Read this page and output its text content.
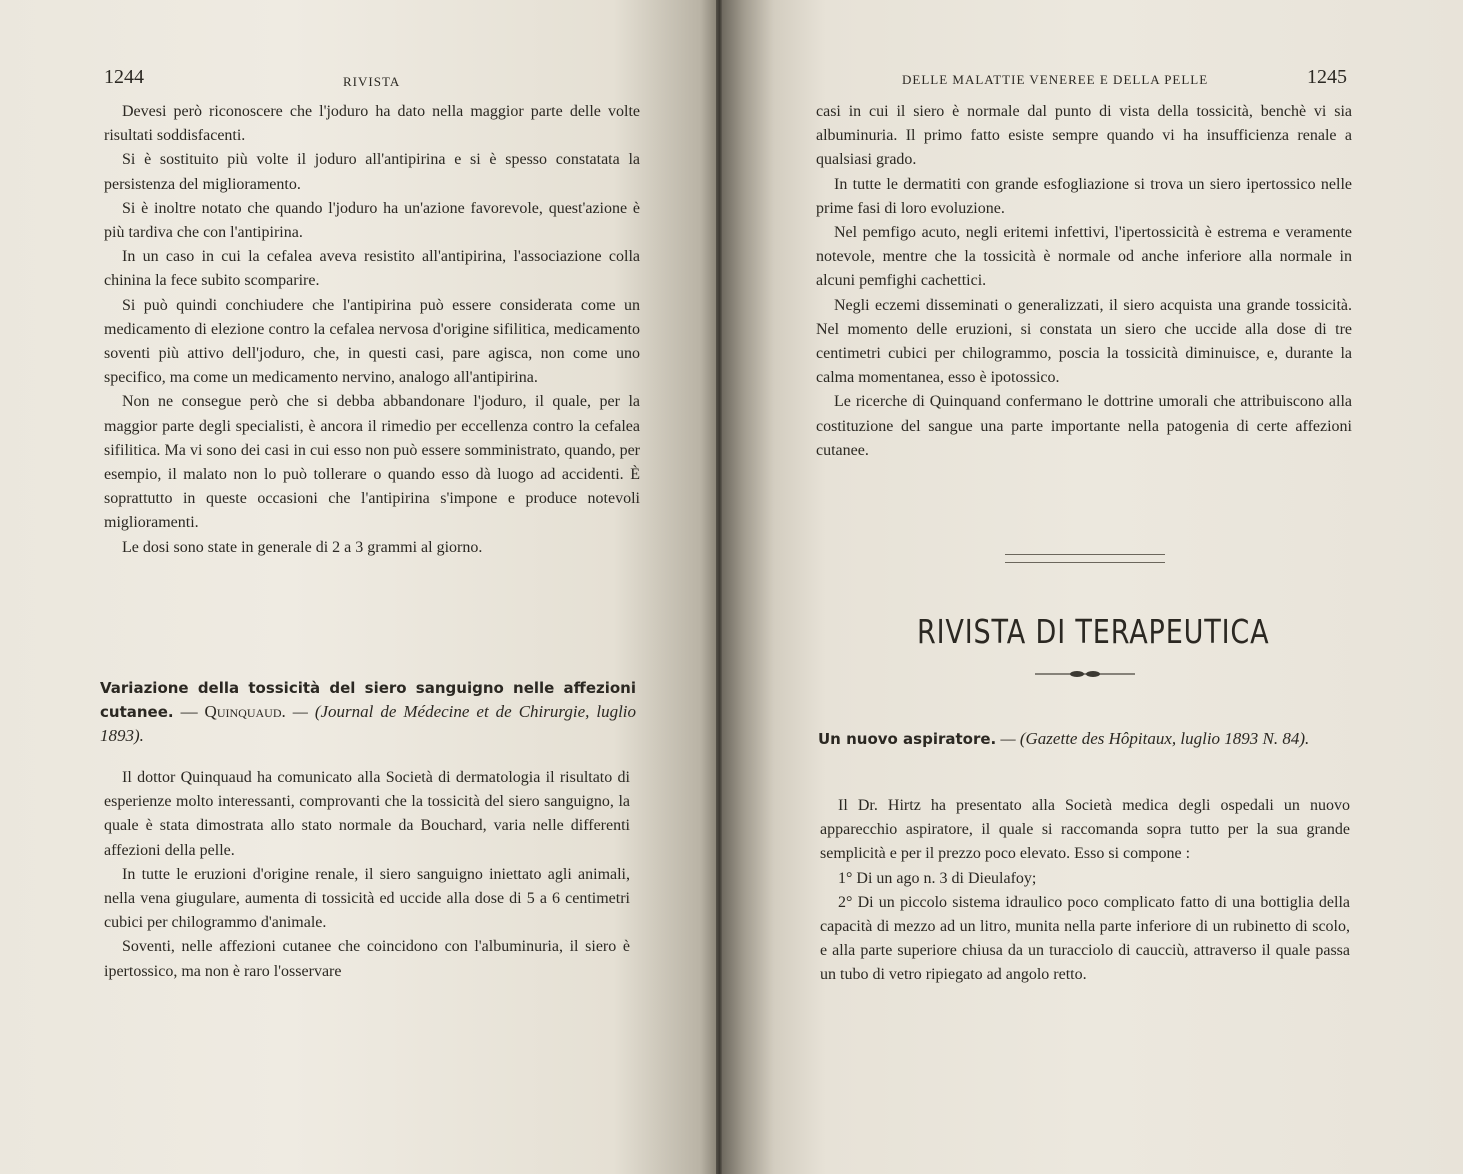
1244	RIVISTA

Devesi però riconoscere che l'joduro ha dato nella maggior parte delle volte risultati soddisfacenti.

Si è sostituito più volte il joduro all'antipirina e si è spesso constatata la persistenza del miglioramento.

Si è inoltre notato che quando l'joduro ha un'azione favorevole, quest'azione è più tardiva che con l'antipirina.

In un caso in cui la cefalea aveva resistito all'antipirina, l'associazione colla chinina la fece subito scomparire.

Si può quindi conchiudere che l'antipirina può essere considerata come un medicamento di elezione contro la cefalea nervosa d'origine sifilitica, medicamento soventi più attivo dell'joduro, che, in questi casi, pare agisca, non come uno specifico, ma come un medicamento nervino, analogo all'antipirina.

Non ne consegue però che si debba abbandonare l'joduro, il quale, per la maggior parte degli specialisti, è ancora il rimedio per eccellenza contro la cefalea sifilitica. Ma vi sono dei casi in cui esso non può essere somministrato, quando, per esempio, il malato non lo può tollerare o quando esso dà luogo ad accidenti. È soprattutto in queste occasioni che l'antipirina s'impone e produce notevoli miglioramenti.

Le dosi sono state in generale di 2 a 3 grammi al giorno.

Variazione della tossicità del siero sanguigno nelle affezioni cutanee. — Quinquaud. — (Journal de Médecine et de Chirurgie, luglio 1893).

Il dottor Quinquaud ha comunicato alla Società di dermatologia il risultato di esperienze molto interessanti, comprovanti che la tossicità del siero sanguigno, la quale è stata dimostrata allo stato normale da Bouchard, varia nelle differenti affezioni della pelle.

In tutte le eruzioni d'origine renale, il siero sanguigno iniettato agli animali, nella vena giugulare, aumenta di tossicità ed uccide alla dose di 5 a 6 centimetri cubici per chilogrammo d'animale.

Soventi, nelle affezioni cutanee che coincidono con l'albuminuria, il siero è ipertossico, ma non è raro l'osservare

DELLE MALATTIE VENEREE E DELLA PELLE	1245

casi in cui il siero è normale dal punto di vista della tossicità, benchè vi sia albuminuria. Il primo fatto esiste sempre quando vi ha insufficienza renale a qualsiasi grado.

In tutte le dermatiti con grande esfogliazione si trova un siero ipertossico nelle prime fasi di loro evoluzione.

Nel pemfigo acuto, negli eritemi infettivi, l'ipertossicità è estrema e veramente notevole, mentre che la tossicità è normale od anche inferiore alla normale in alcuni pemfighi cachettici.

Negli eczemi disseminati o generalizzati, il siero acquista una grande tossicità. Nel momento delle eruzioni, si constata un siero che uccide alla dose di tre centimetri cubici per chilogrammo, poscia la tossicità diminuisce, e, durante la calma momentanea, esso è ipotossico.

Le ricerche di Quinquand confermano le dottrine umorali che attribuiscono alla costituzione del sangue una parte importante nella patogenia di certe affezioni cutanee.

RIVISTA DI TERAPEUTICA

Un nuovo aspiratore. — (Gazette des Hôpitaux, luglio 1893 N. 84).

Il Dr. Hirtz ha presentato alla Società medica degli ospedali un nuovo apparecchio aspiratore, il quale si raccomanda sopra tutto per la sua grande semplicità e per il prezzo poco elevato. Esso si compone :

1° Di un ago n. 3 di Dieulafoy;

2° Di un piccolo sistema idraulico poco complicato fatto di una bottiglia della capacità di mezzo ad un litro, munita nella parte inferiore di un rubinetto di scolo, e alla parte superiore chiusa da un turacciolo di caucciù, attraverso il quale passa un tubo di vetro ripiegato ad angolo retto.
